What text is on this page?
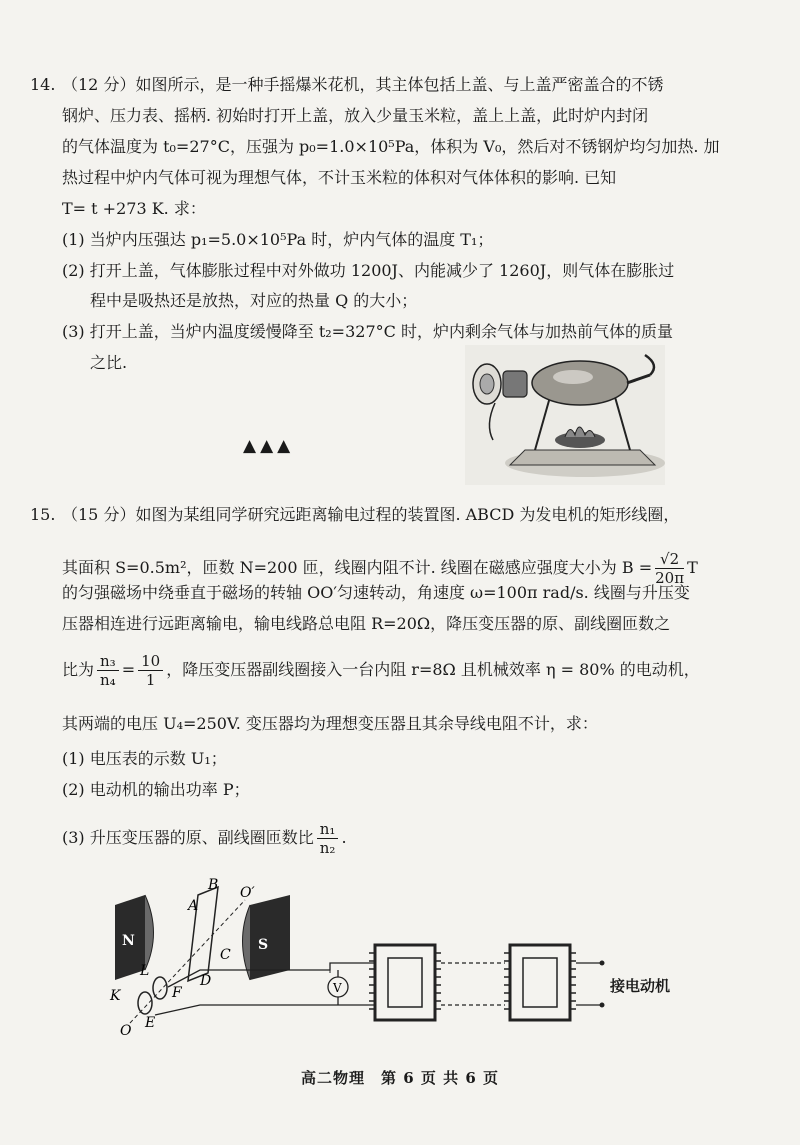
14. （12 分）如图所示，是一种手摇爆米花机，其主体包括上盖、与上盖严密盖合的不锈
钢炉、压力表、摇柄. 初始时打开上盖，放入少量玉米粒，盖上上盖，此时炉内封闭
的气体温度为 t₀=27°C，压强为 p₀=1.0×10⁵Pa，体积为 V₀，然后对不锈钢炉均匀加热. 加
热过程中炉内气体可视为理想气体，不计玉米粒的体积对气体体积的影响. 已知
T= t +273 K. 求：
(1) 当炉内压强达 p₁=5.0×10⁵Pa 时，炉内气体的温度 T₁；
(2) 打开上盖，气体膨胀过程中对外做功 1200J、内能减少了 1260J，则气体在膨胀过
程中是吸热还是放热，对应的热量 Q 的大小；
(3) 打开上盖，当炉内温度缓慢降至 t₂=327°C 时，炉内剩余气体与加热前气体的质量
之比.
▲▲▲
15. （15 分）如图为某组同学研究远距离输电过程的装置图. ABCD 为发电机的矩形线圈，
其面积 S=0.5m²，匝数 N=200 匝，线圈内阻不计. 线圈在磁感应强度大小为 $B = \frac{√2}{20\pi}$ T
的匀强磁场中绕垂直于磁场的转轴 OO′匀速转动，角速度 ω=100π rad/s. 线圈与升压变
压器相连进行远距离输电，输电线路总电阻 R=20Ω，降压变压器的原、副线圈匝数之
比为 $\frac{\text{n₃}}{\text{n₄}} = \frac{10}{1}$ ，降压变压器副线圈接入一台内阻 r=8Ω 且机械效率 η = 80% 的电动机，
其两端的电压 U₄=250V. 变压器均为理想变压器且其余导线电阻不计，求：
(1) 电压表的示数 U₁；
(2) 电动机的输出功率 P；
(3) 升压变压器的原、副线圈匝数比 $\frac{\text{n₁}}{\text{n₂}}$ .
N	S
A
B
C
D
O′
O
K
L
E
F	V	接电动机
高二物理　第 6 页 共 6 页
